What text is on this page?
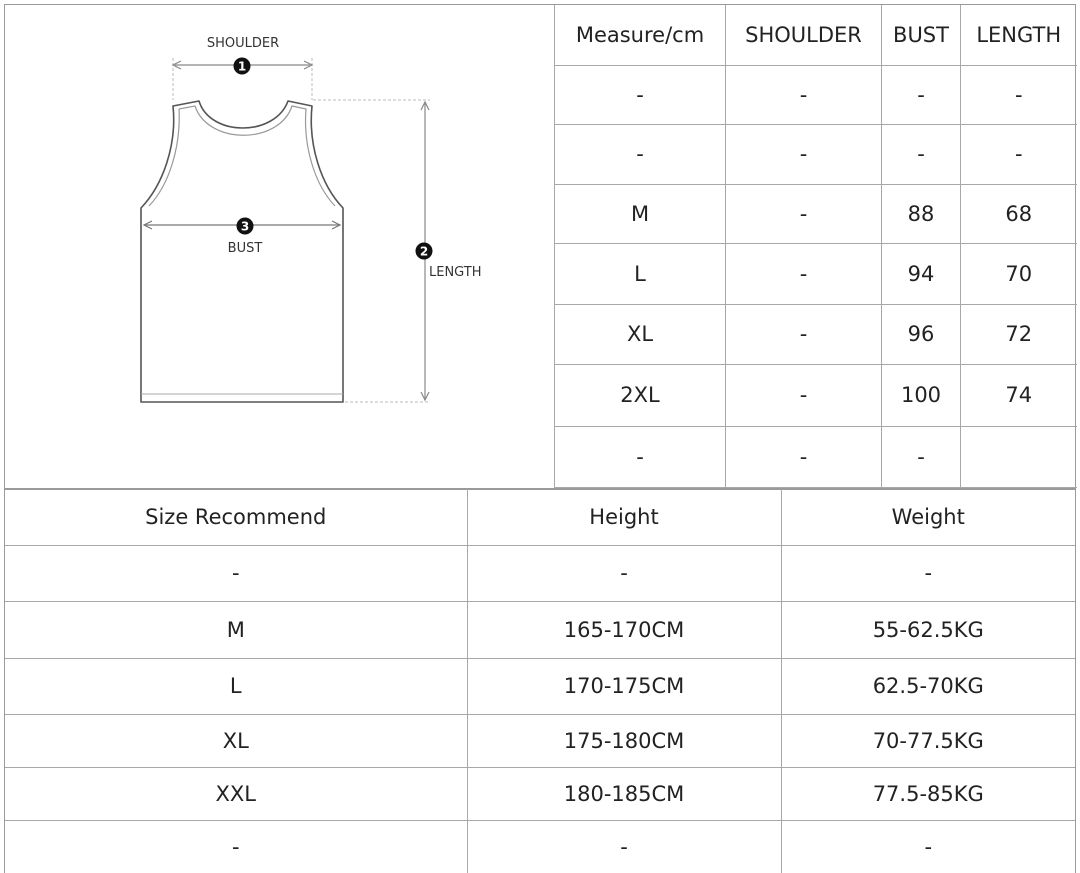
SHOULDER
1
3
BUST	2
LENGTH
Measure/cm	SHOULDER	BUST	LENGTH
-	-	-	-
-	-	-	-
M	-	88	68
L	-	94	70
XL	-	96	72
2XL	-	100	74
-	-	-	
Size Recommend	Height	Weight
-	-	-
M	165-170CM	55-62.5KG
L	170-175CM	62.5-70KG
XL	175-180CM	70-77.5KG
XXL	180-185CM	77.5-85KG
-	-	-
